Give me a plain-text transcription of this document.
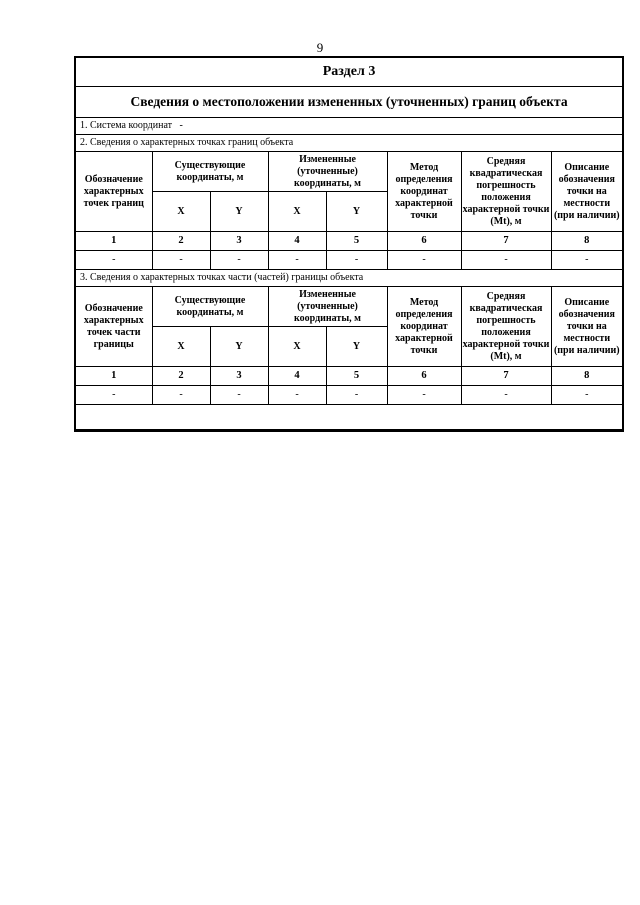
9
Раздел 3							
Сведения о местоположении измененных (уточненных) границ объекта							
1. Система координат -							
2. Сведения о характерных точках границ объекта							
Обозначение характерных точек границ	Существующие координаты, м		Измененные (уточненные) координаты, м		Метод определения координат характерной точки	Средняя квадратическая погрешность положения характерной точки (Mt), м	Описание обозначения точки на местности (при наличии)
	X	Y	X	Y			
1	2	3	4	5	6	7	8
-	-	-	-	-	-	-	-
3. Сведения о характерных точках части (частей) границы объекта							
Обозначение характерных точек части границы	Существующие координаты, м		Измененные (уточненные) координаты, м		Метод определения координат характерной точки	Средняя квадратическая погрешность положения характерной точки (Mt), м	Описание обозначения точки на местности (при наличии)
	X	Y	X	Y			
1	2	3	4	5	6	7	8
-	-	-	-	-	-	-	-
